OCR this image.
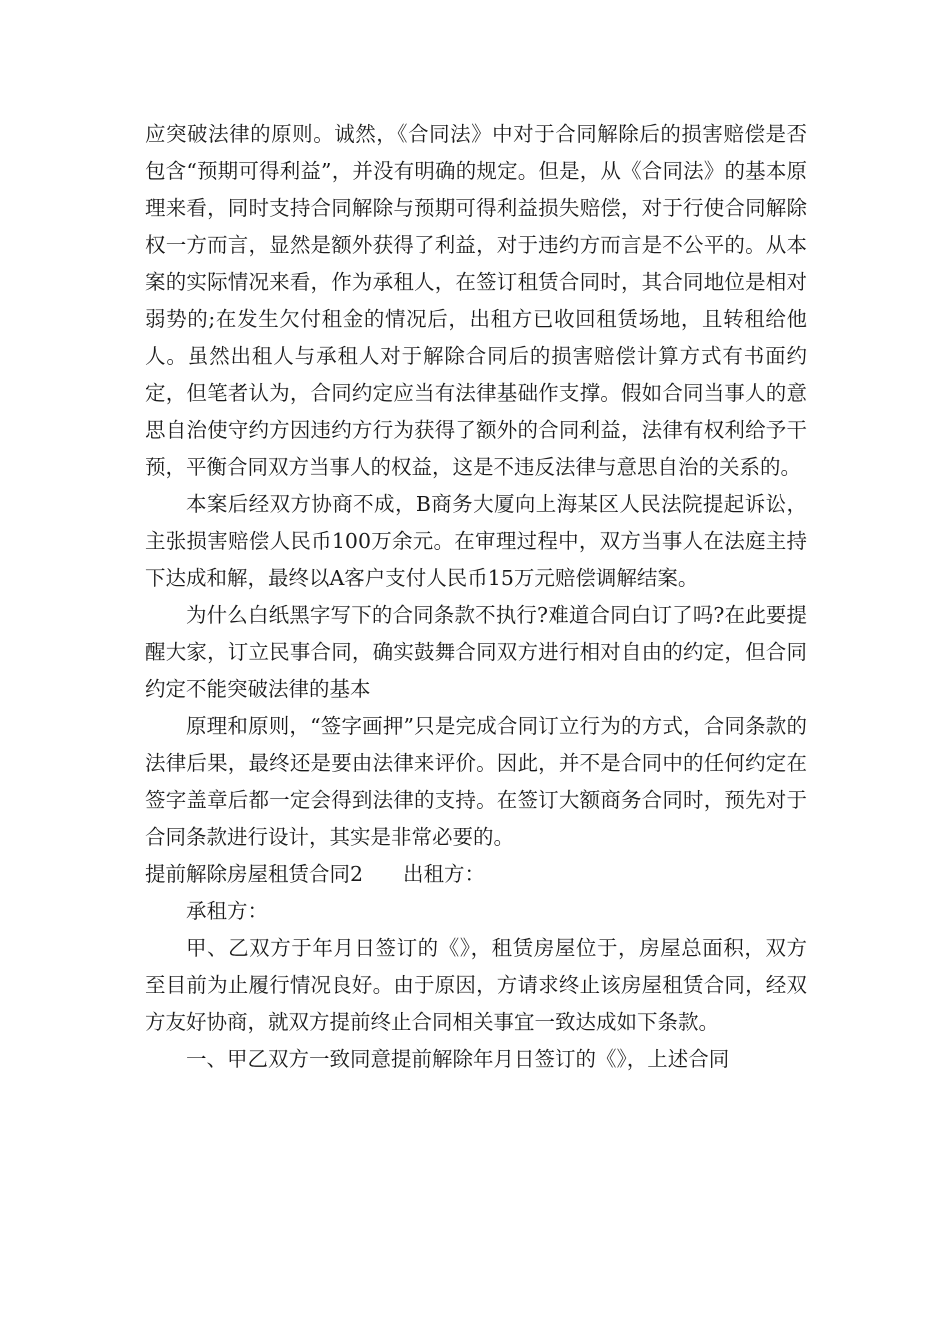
应突破法律的原则。诚然，《合同法》中对于合同解除后的损害赔偿是否包含“预期可得利益”，并没有明确的规定。但是，从《合同法》的基本原理来看，同时支持合同解除与预期可得利益损失赔偿，对于行使合同解除权一方而言，显然是额外获得了利益，对于违约方而言是不公平的。从本案的实际情况来看，作为承租人，在签订租赁合同时，其合同地位是相对弱势的;在发生欠付租金的情况后，出租方已收回租赁场地，且转租给他人。虽然出租人与承租人对于解除合同后的损害赔偿计算方式有书面约定，但笔者认为，合同约定应当有法律基础作支撑。假如合同当事人的意思自治使守约方因违约方行为获得了额外的合同利益，法律有权利给予干预，平衡合同双方当事人的权益，这是不违反法律与意思自治的关系的。

本案后经双方协商不成，B商务大厦向上海某区人民法院提起诉讼，主张损害赔偿人民币100万余元。在审理过程中，双方当事人在法庭主持下达成和解，最终以A客户支付人民币15万元赔偿调解结案。

为什么白纸黑字写下的合同条款不执行?难道合同白订了吗?在此要提醒大家，订立民事合同，确实鼓舞合同双方进行相对自由的约定，但合同约定不能突破法律的基本

原理和原则，“签字画押”只是完成合同订立行为的方式，合同条款的法律后果，最终还是要由法律来评价。因此，并不是合同中的任何约定在签字盖章后都一定会得到法律的支持。在签订大额商务合同时，预先对于合同条款进行设计，其实是非常必要的。

提前解除房屋租赁合同2 出租方：

承租方：

甲、乙双方于年月日签订的《》，租赁房屋位于，房屋总面积，双方至目前为止履行情况良好。由于原因，方请求终止该房屋租赁合同，经双方友好协商，就双方提前终止合同相关事宜一致达成如下条款。

一、甲乙双方一致同意提前解除年月日签订的《》，上述合同
